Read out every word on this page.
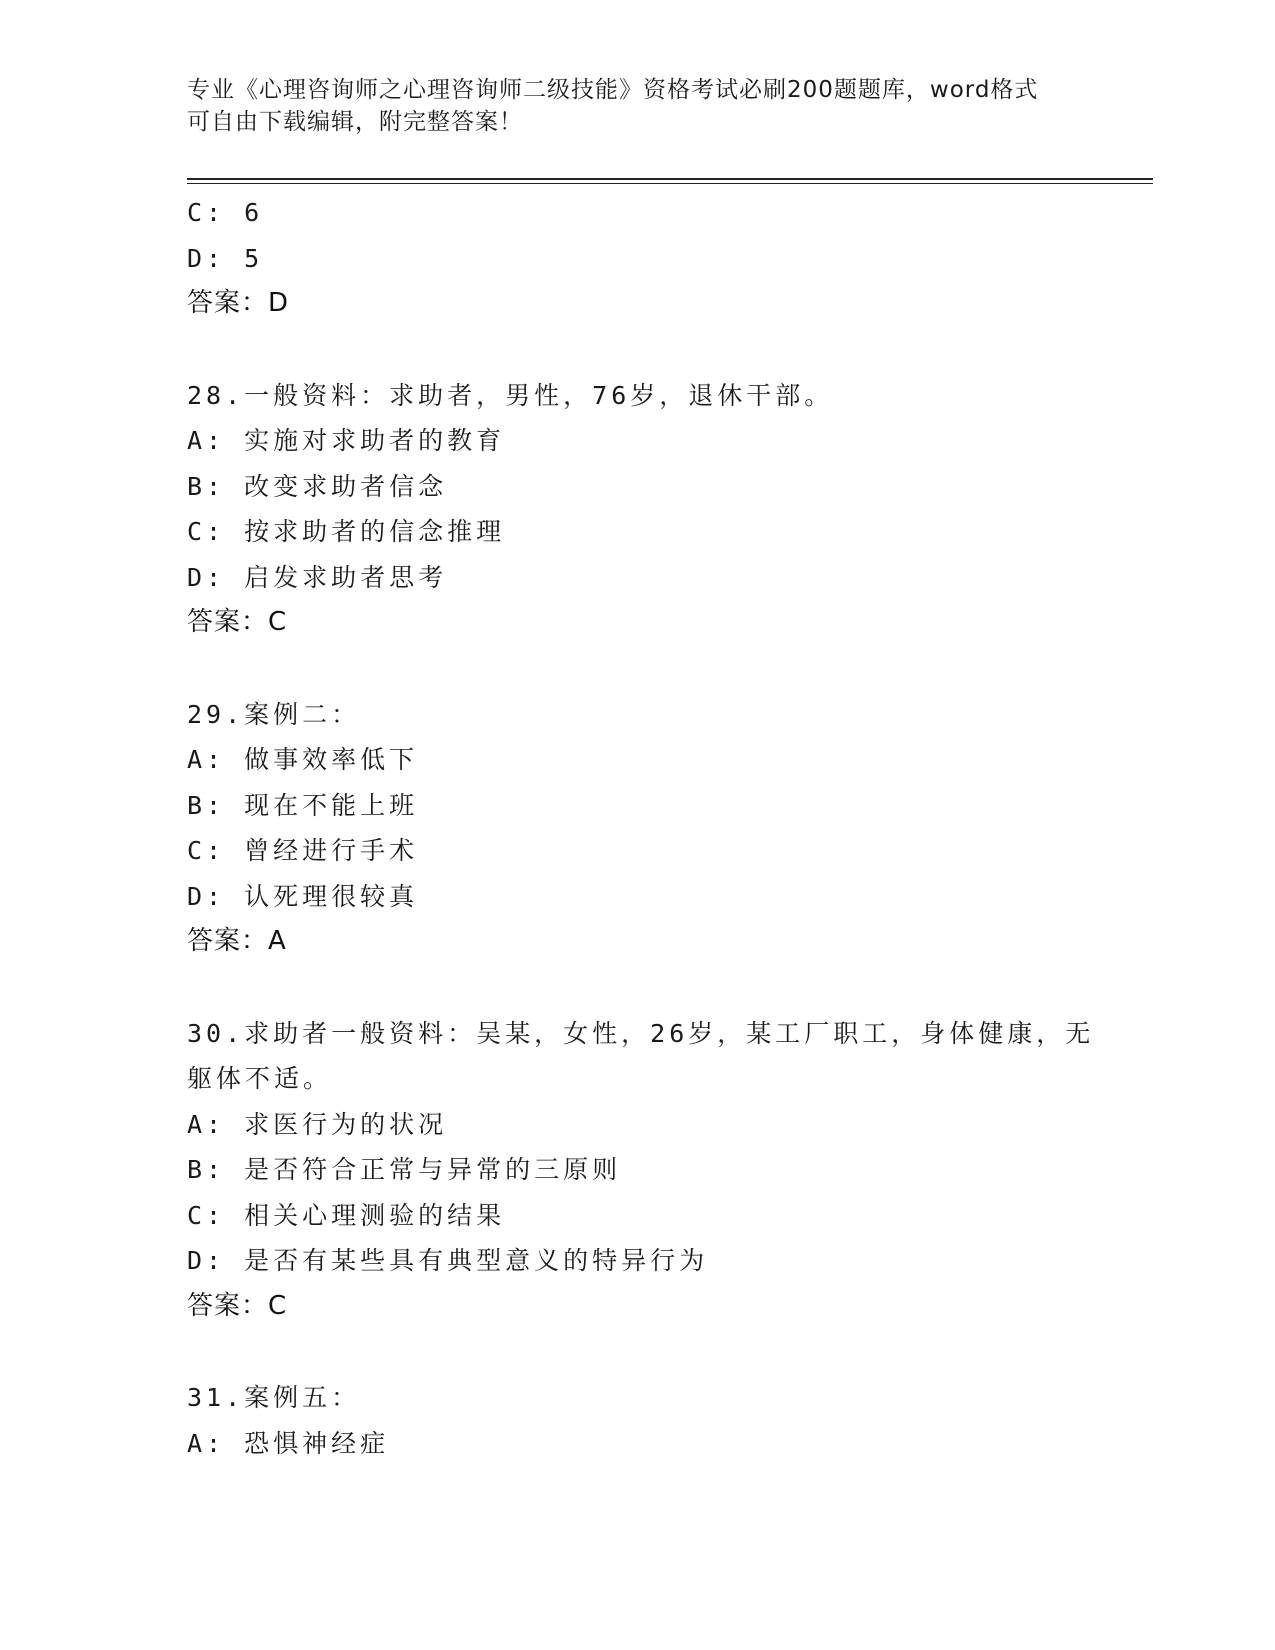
专业《心理咨询师之心理咨询师二级技能》资格考试必刷200题题库，word格式
可自由下载编辑，附完整答案！
C: 6
D: 5
答案：D
28.一般资料：求助者，男性，76岁，退休干部。
A: 实施对求助者的教育
B: 改变求助者信念
C: 按求助者的信念推理
D: 启发求助者思考
答案：C
29.案例二：
A: 做事效率低下
B: 现在不能上班
C: 曾经进行手术
D: 认死理很较真
答案：A
30.求助者一般资料：吴某，女性，26岁，某工厂职工，身体健康，无
躯体不适。
A: 求医行为的状况
B: 是否符合正常与异常的三原则
C: 相关心理测验的结果
D: 是否有某些具有典型意义的特异行为
答案：C
31.案例五：
A: 恐惧神经症
